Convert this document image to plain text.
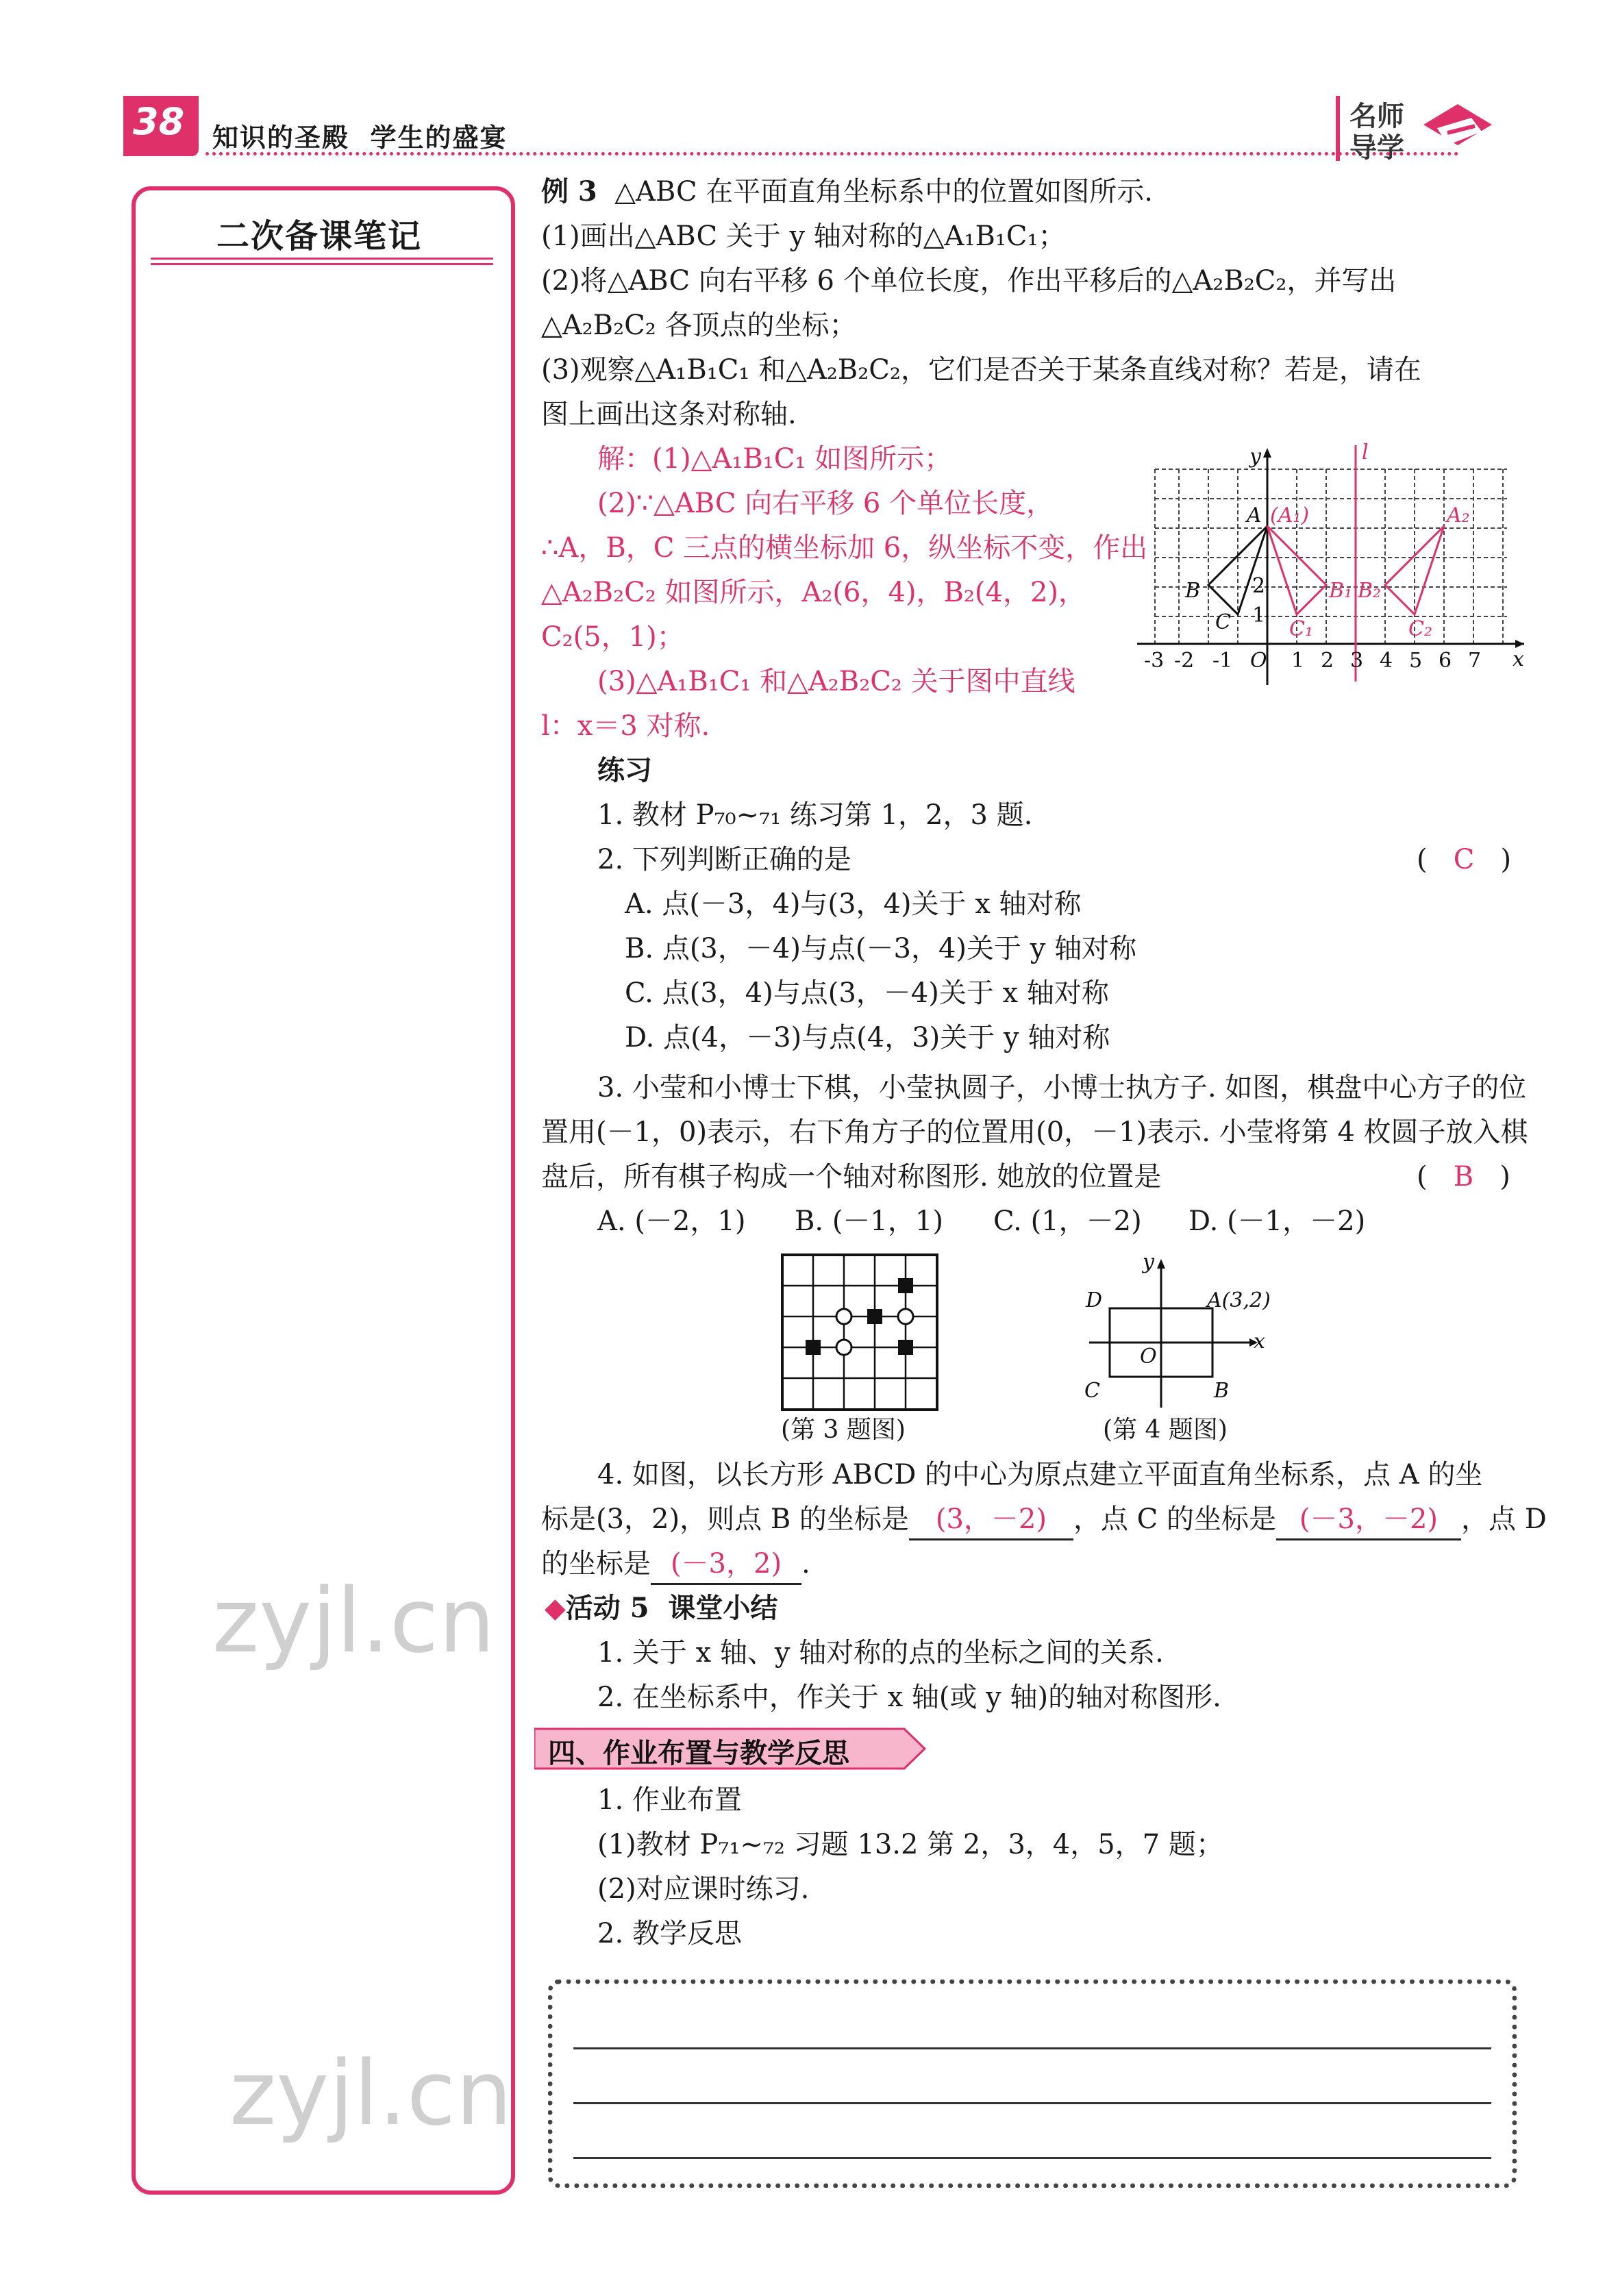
38 知识的圣殿  学生的盛宴
名师
导学
二次备课笔记
zyjl.cn
zyjl.cn
例 3 △ABC 在平面直角坐标系中的位置如图所示.
(1)画出△ABC 关于 y 轴对称的△A₁B₁C₁；
(2)将△ABC 向右平移 6 个单位长度，作出平移后的△A₂B₂C₂，并写出
△A₂B₂C₂ 各顶点的坐标；
(3)观察△A₁B₁C₁ 和△A₂B₂C₂，它们是否关于某条直线对称？若是，请在
图上画出这条对称轴.
解：(1)△A₁B₁C₁ 如图所示；
(2)∵△ABC 向右平移 6 个单位长度，
∴A，B，C 三点的横坐标加 6，纵坐标不变，作出
△A₂B₂C₂ 如图所示，A₂(6，4)，B₂(4，2)，
C₂(5，1)；
(3)△A₁B₁C₁ 和△A₂B₂C₂ 关于图中直线
l：x＝3 对称.
-3 -2 -1 O 1 2 3 4 5 6 7 x
y
1
2
l
A (A₁)	A₂
B	B₁ B₂
C	C₁	C₂
练习
1. 教材 P₇₀~₇₁ 练习第 1，2，3 题.
2. 下列判断正确的是	(   C   )
A. 点(－3，4)与(3，4)关于 x 轴对称
B. 点(3，－4)与点(－3，4)关于 y 轴对称
C. 点(3，4)与点(3，－4)关于 x 轴对称
D. 点(4，－3)与点(4，3)关于 y 轴对称
3. 小莹和小博士下棋，小莹执圆子，小博士执方子. 如图，棋盘中心方子的位
置用(－1，0)表示，右下角方子的位置用(0，－1)表示. 小莹将第 4 枚圆子放入棋
盘后，所有棋子构成一个轴对称图形. 她放的位置是	(   B   )
A. (－2，1) B. (－1，1) C. (1，－2) D. (－1，－2)
(第 3 题图)
y
x
D	A(3,2)
O
C	B
(第 4 题图)
4. 如图，以长方形 ABCD 的中心为原点建立平面直角坐标系，点 A 的坐
标是(3，2)，则点 B 的坐标是 (3，－2) ，点 C 的坐标是 (－3，－2) ，点 D
的坐标是 (－3，2) .
◆活动 5  课堂小结
1. 关于 x 轴、y 轴对称的点的坐标之间的关系.
2. 在坐标系中，作关于 x 轴(或 y 轴)的轴对称图形.
四、作业布置与教学反思
1. 作业布置
(1)教材 P₇₁~₇₂ 习题 13.2 第 2，3，4，5，7 题；
(2)对应课时练习.
2. 教学反思
